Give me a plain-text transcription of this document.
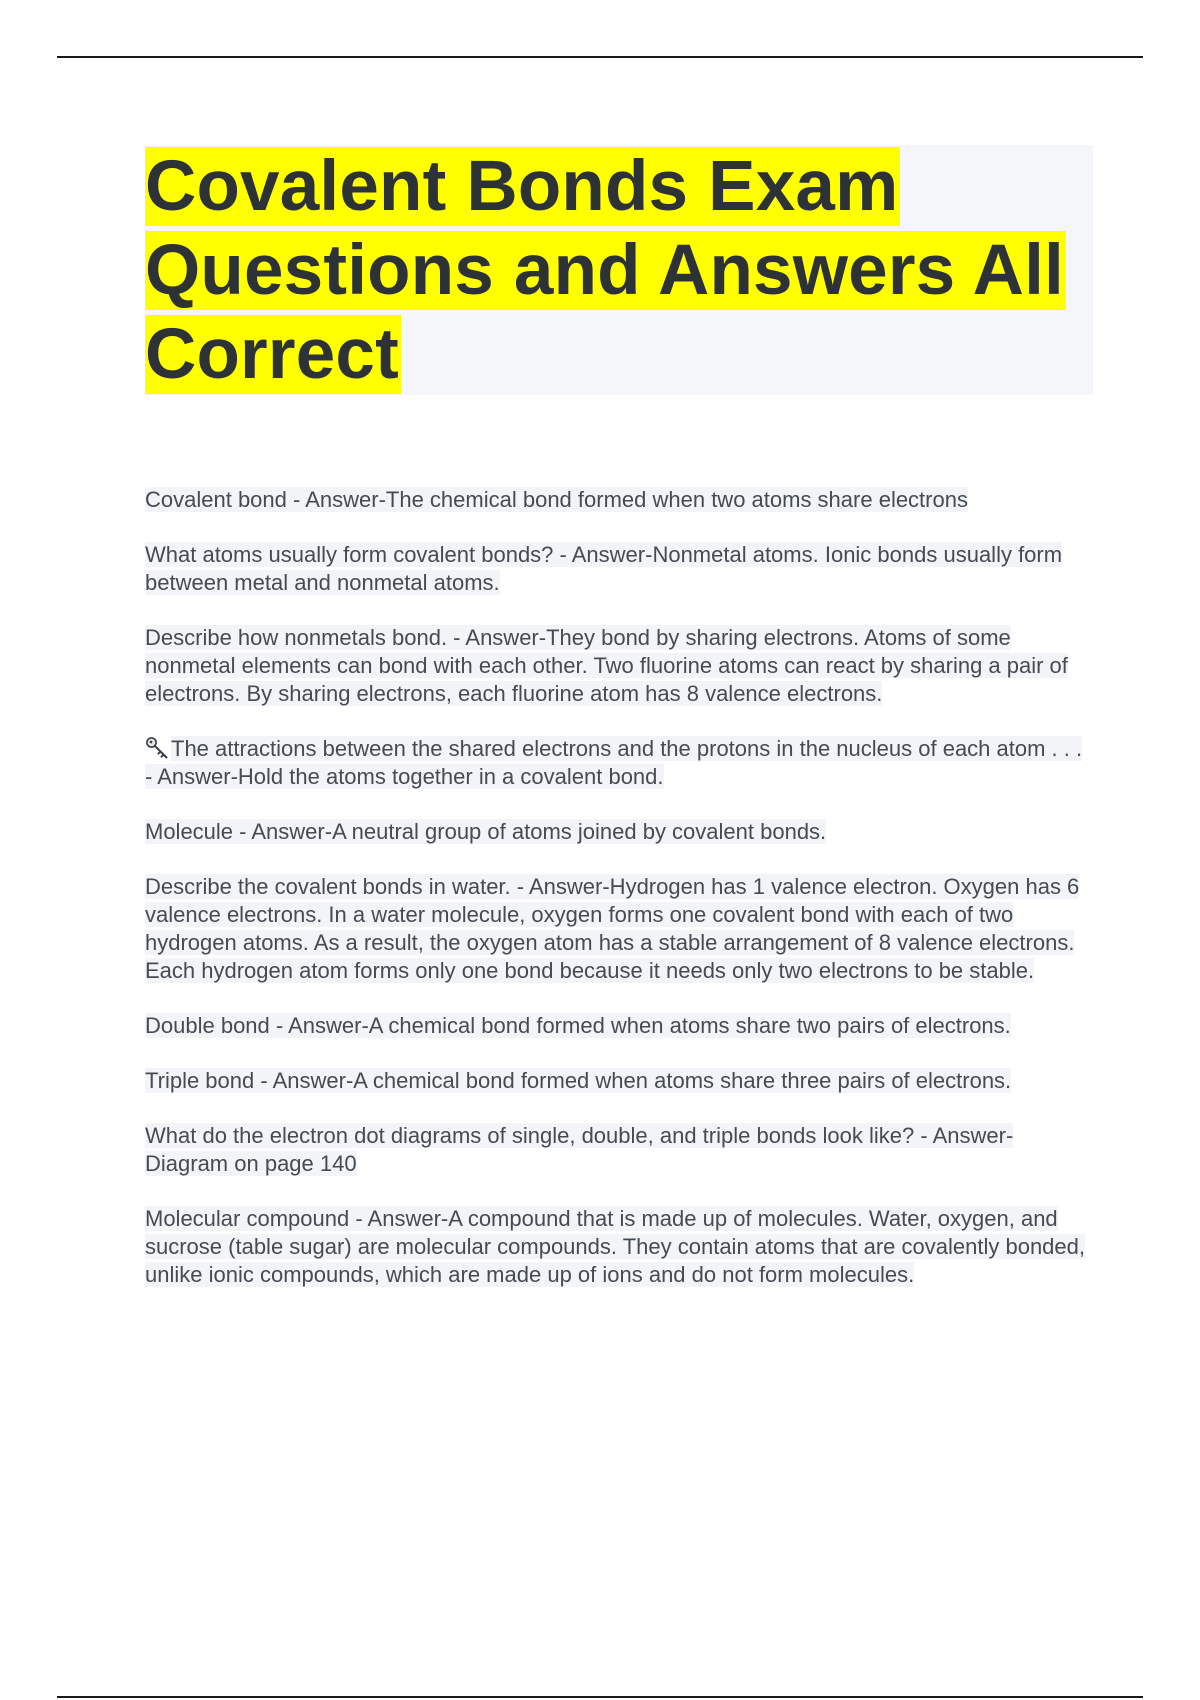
Covalent Bonds Exam
Questions and Answers All
Correct

Covalent bond - Answer-The chemical bond formed when two atoms share electrons

What atoms usually form covalent bonds? - Answer-Nonmetal atoms. Ionic bonds usually form between metal and nonmetal atoms.

Describe how nonmetals bond. - Answer-They bond by sharing electrons. Atoms of some nonmetal elements can bond with each other. Two fluorine atoms can react by sharing a pair of electrons. By sharing electrons, each fluorine atom has 8 valence electrons.

The attractions between the shared electrons and the protons in the nucleus of each atom . . . - Answer-Hold the atoms together in a covalent bond.

Molecule - Answer-A neutral group of atoms joined by covalent bonds.

Describe the covalent bonds in water. - Answer-Hydrogen has 1 valence electron. Oxygen has 6 valence electrons. In a water molecule, oxygen forms one covalent bond with each of two hydrogen atoms. As a result, the oxygen atom has a stable arrangement of 8 valence electrons. Each hydrogen atom forms only one bond because it needs only two electrons to be stable.

Double bond - Answer-A chemical bond formed when atoms share two pairs of electrons.

Triple bond - Answer-A chemical bond formed when atoms share three pairs of electrons.

What do the electron dot diagrams of single, double, and triple bonds look like? - Answer-Diagram on page 140

Molecular compound - Answer-A compound that is made up of molecules. Water, oxygen, and sucrose (table sugar) are molecular compounds. They contain atoms that are covalently bonded, unlike ionic compounds, which are made up of ions and do not form molecules.
